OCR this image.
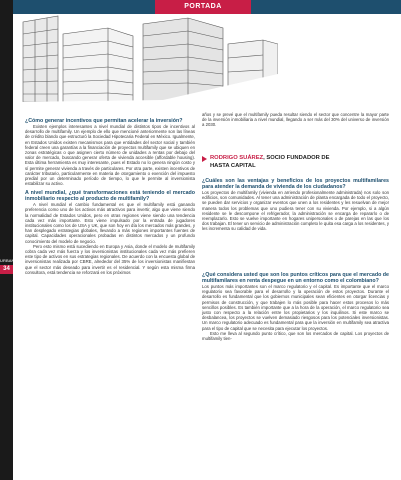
URBANA
34
PORTADA

¿Cómo generar incentivos que permitan acelerar la inversión?

Existen ejemplos interesantes a nivel mundial de distintos tipos de incentivos al desarrollo de multifamily. Un ejemplo de ello que mencioné anteriormente son las líneas de crédito blando que estructuró la Sociedad Hipotecaria Federal en México. Igualmente, en Estados Unidos existen mecanismos para que entidades del sector social y también federal creen una garantías a la financiación de proyectos multifamily que se ubiquen en zonas estratégicas o que asignen cierto número de unidades a rentas por debajo del valor de mercado, buscando generar oferta de vivienda accesible (affordable housing). Esta última herramienta es muy interesante, pues el Estado no lo genera ningún costo y sí permite generar vivienda a través de particulares. Por otra parte, existen incentivos de carácter tributario, particularmente en materia de otorgamiento o exención del impuesto predial por un determinado período de tiempo, lo que le permite al inversionista estabilizar su activo.

A nivel mundial, ¿qué transformaciones está teniendo el mercado inmobiliario respecto al producto de multifamily?

A nivel mundial el cambio fundamental es que el multifamily está ganando preferencia como uno de los activos más atractivos para invertir, algo que viene siendo la normalidad de Estados Unidos, pero en otras regiones viene siendo una tendencia cada vez más importante. Esto viene impulsado por la entrada de jugadores institucionales como los de USA y UK, que son hoy en día los mercados más grandes, y han desplegado estrategias globales, llevando a más regiones importantes fuentes de capital. Capacidades operacionales probadas en distintos mercados y un profundo conocimiento del modelo de negocio.

Pero esto mismo está sucediendo en Europa y Asia, donde el modelo de multifamily cobra cada vez más fuerza y los inversionistas institucionales cada vez más prefieren este tipo de activos en sus estrategias regionales. De acuerdo con la encuesta global de inversionistas realizada por CBRE, alrededor del 35% de los inversionistas manifiestan que el sector más deseado para invertir es el residencial. Y según esta misma firma consultora, está tendencia se reforzará en los próximos

años y se prevé que el multifamily pueda resultar siendo el sector que concentre la mayor parte de la inversión inmobiliaria a nivel mundial, llegando a ser más del 30% del universo de inversión a 2030.

RODRIGO SUÁREZ, SOCIO FUNDADOR DE
HASTA CAPITAL

¿Cuáles son las ventajas y beneficios de los proyectos multifamilares para atender la demanda de vivienda de los ciudadanos?

Los proyectos de multifamily (vivienda en arriendo profesionalmente administrada) nos solo son edificios, son comunidades. Al tener una administración de planta encargada de todo el proyecto, se pueden dar servicios y organizar eventos que unen a los residentes y les resuelvan de mejor manera todos los problemas que uno pudiera tener con su vivienda. Por ejemplo, si a algún residente se le descompone el refrigerador, la administración se encarga de repararlo o de reemplazarlo. Esto se vuelve importante en hogares unipersonales o de parejas en las que los dos trabajan. El tener un servicio de administración completo le quita esa carga a los residentes, y les incrementa su calidad de vida.

¿Qué considera usted que son los puntos críticos para que el mercado de multifamilares en renta despegue en un entorno como el colombiano?

Los puntos más importantes son el marco regulatorio y el capital. Es importante que el marco regulatorio sea favorable para el desarrollo y la operación de estos proyectos. Durante el desarrollo es fundamental que los gobiernos municipales sean eficientes en otorgar licencias y permisos de construcción, y que trabajen lo más posible para hacer estos procesos lo más sencillos posibles. Es también importante que a la hora de la operación, el marco regulatorio sea justo con respecto a la relación entre los propietarios y los inquilinos. Si este marco se desbalancea, los proyectos se vuelven demasiado riesgosos para los potenciales inversionistas. Un marco regulatorio adecuado es fundamental para que la inversión en multifamily sea atractiva para el tipo de capital que se necesita para ejecutar los proyectos.

Esto me lleva al segundo punto crítico, que son los mercados de capital. Los proyectos de multifamily tien-
